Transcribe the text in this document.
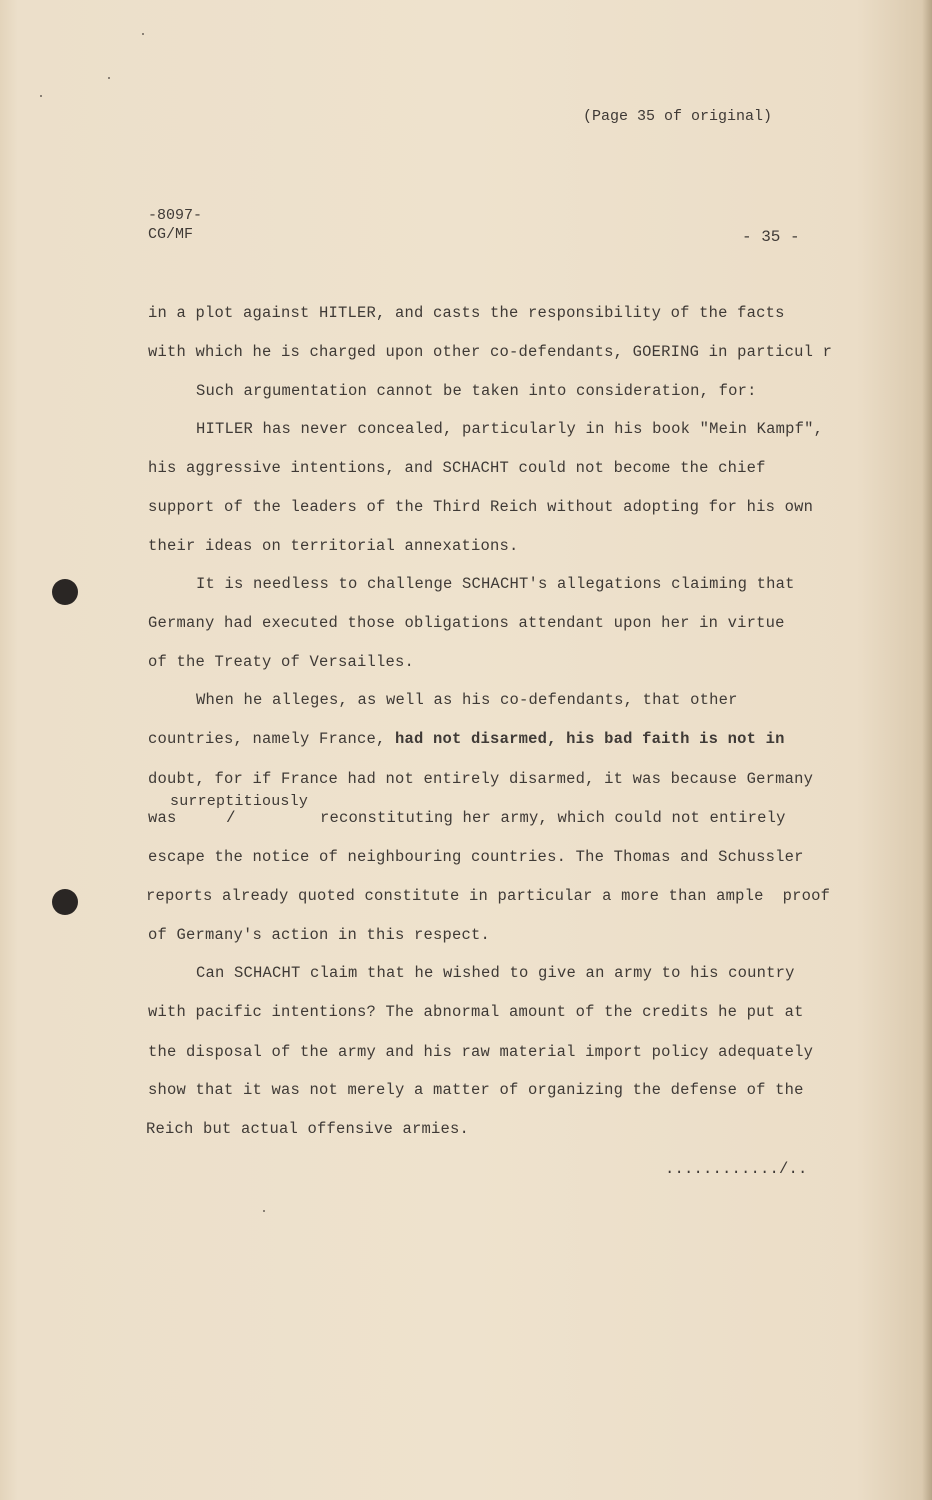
(Page 35 of original)
-8097-
CG/MF	- 35 -
in a plot against HITLER, and casts the responsibility of the facts
with which he is charged upon other co-defendants, GOERING in particul r
Such argumentation cannot be taken into consideration, for:
HITLER has never concealed, particularly in his book "Mein Kampf",
his aggressive intentions, and SCHACHT could not become the chief
support of the leaders of the Third Reich without adopting for his own
their ideas on territorial annexations.
It is needless to challenge SCHACHT's allegations claiming that
Germany had executed those obligations attendant upon her in virtue
of the Treaty of Versailles.
When he alleges, as well as his co-defendants, that other
countries, namely France, had not disarmed, his bad faith is not in
doubt, for if France had not entirely disarmed, it was because Germany
surreptitiously
was	/	reconstituting her army, which could not entirely
escape the notice of neighbouring countries. The Thomas and Schussler
reports already quoted constitute in particular a more than ample  proof
of Germany's action in this respect.
Can SCHACHT claim that he wished to give an army to his country
with pacific intentions? The abnormal amount of the credits he put at
the disposal of the army and his raw material import policy adequately
show that it was not merely a matter of organizing the defense of the
Reich but actual offensive armies.
............/..
